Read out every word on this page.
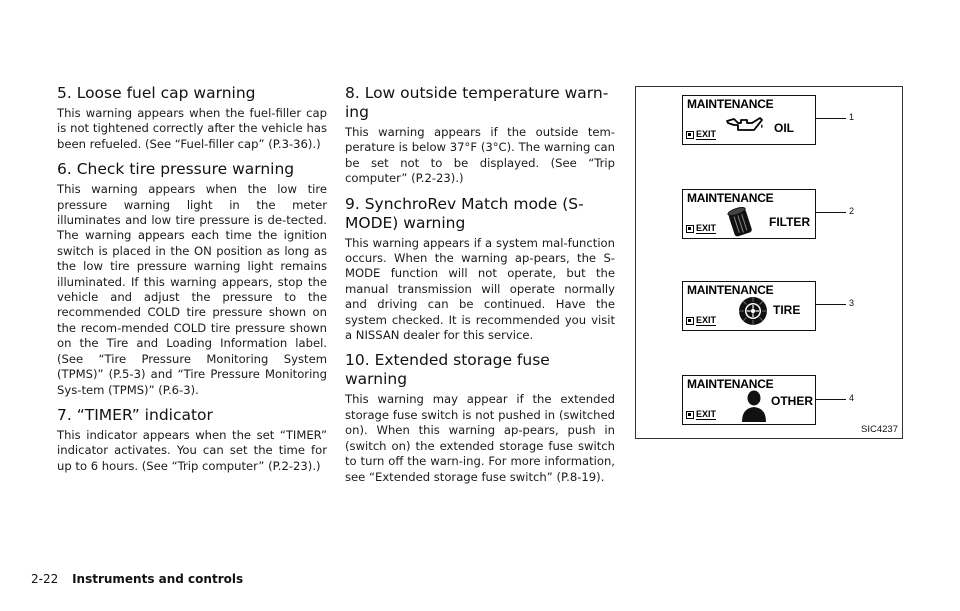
5. Loose fuel cap warning

This warning appears when the fuel-filler cap is not tightened correctly after the vehicle has been refueled. (See “Fuel-filler cap” (P.3-36).)

6. Check tire pressure warning

This warning appears when the low tire pressure warning light in the meter illuminates and low tire pressure is de-tected. The warning appears each time the ignition switch is placed in the ON position as long as the low tire pressure warning light remains illuminated. If this warning appears, stop the vehicle and adjust the pressure to the recommended COLD tire pressure shown on the recom-mended COLD tire pressure shown on the Tire and Loading Information label. (See “Tire Pressure Monitoring System (TPMS)” (P.5-3) and “Tire Pressure Monitoring Sys-tem (TPMS)” (P.6-3).

7. “TIMER” indicator

This indicator appears when the set “TIMER” indicator activates. You can set the time for up to 6 hours. (See “Trip computer” (P.2-23).)

8. Low outside temperature warn-ing

This warning appears if the outside tem-perature is below 37°F (3°C). The warning can be set not to be displayed. (See “Trip computer” (P.2-23).)

9. SynchroRev Match mode (S-MODE) warning

This warning appears if a system mal-function occurs. When the warning ap-pears, the S-MODE function will not operate, but the manual transmission will operate normally and driving can be continued. Have the system checked. It is recommended you visit a NISSAN dealer for this service.

10. Extended storage fuse warning

This warning may appear if the extended storage fuse switch is not pushed in (switched on). When this warning ap-pears, push in (switch on) the extended storage fuse switch to turn off the warn-ing. For more information, see “Extended storage fuse switch” (P.8-19).

MAINTENANCE
EXIT	OIL
1
MAINTENANCE
EXIT	FILTER
2
MAINTENANCE
EXIT
TIRE	3
MAINTENANCE
EXIT
OTHER	4
SIC4237
2-22 Instruments and controls
